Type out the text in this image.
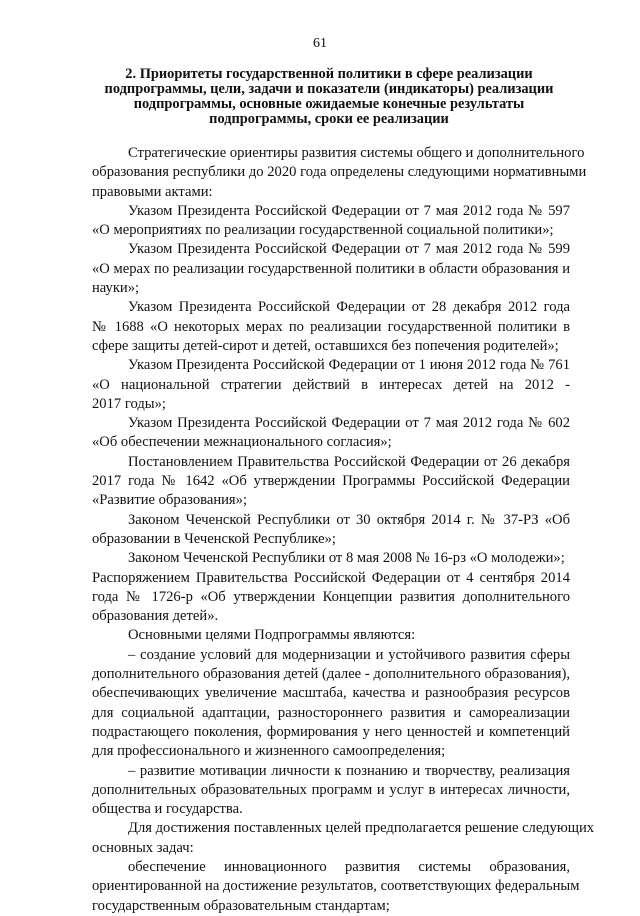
61
2. Приоритеты государственной политики в сфере реализации
подпрограммы, цели, задачи и показатели (индикаторы) реализации
подпрограммы, основные ожидаемые конечные результаты
подпрограммы, сроки ее реализации

Стратегические ориентиры развития системы общего и дополнительного
образования республики до 2020 года определены следующими нормативными
правовыми актами:

Указом Президента Российской Федерации от 7 мая 2012 года № 597
«О мероприятиях по реализации государственной социальной политики»;

Указом Президента Российской Федерации от 7 мая 2012 года № 599
«О мерах по реализации государственной политики в области образования и
науки»;

Указом Президента Российской Федерации от 28 декабря 2012 года
№ 1688 «О некоторых мерах по реализации государственной политики в
сфере защиты детей-сирот и детей, оставшихся без попечения родителей»;

Указом Президента Российской Федерации от 1 июня 2012 года № 761
«О национальной стратегии действий в интересах детей на 2012 -
2017 годы»;

Указом Президента Российской Федерации от 7 мая 2012 года № 602
«Об обеспечении межнационального согласия»;

Постановлением Правительства Российской Федерации от 26 декабря
2017 года № 1642 «Об утверждении Программы Российской Федерации
«Развитие образования»;

Законом Чеченской Республики от 30 октября 2014 г. № 37-РЗ «Об
образовании в Чеченской Республике»;

Законом Чеченской Республики от 8 мая 2008 № 16-рз «О молодежи»;

Распоряжением Правительства Российской Федерации от 4 сентября 2014
года № 1726-р «Об утверждении Концепции развития дополнительного
образования детей».

Основными целями Подпрограммы являются:

– создание условий для модернизации и устойчивого развития сферы
дополнительного образования детей (далее - дополнительного образования),
обеспечивающих увеличение масштаба, качества и разнообразия ресурсов
для социальной адаптации, разностороннего развития и самореализации
подрастающего поколения, формирования у него ценностей и компетенций
для профессионального и жизненного самоопределения;

– развитие мотивации личности к познанию и творчеству, реализация
дополнительных образовательных программ и услуг в интересах личности,
общества и государства.

Для достижения поставленных целей предполагается решение следующих
основных задач:

обеспечение инновационного развития системы образования,
ориентированной на достижение результатов, соответствующих федеральным
государственным образовательным стандартам;
